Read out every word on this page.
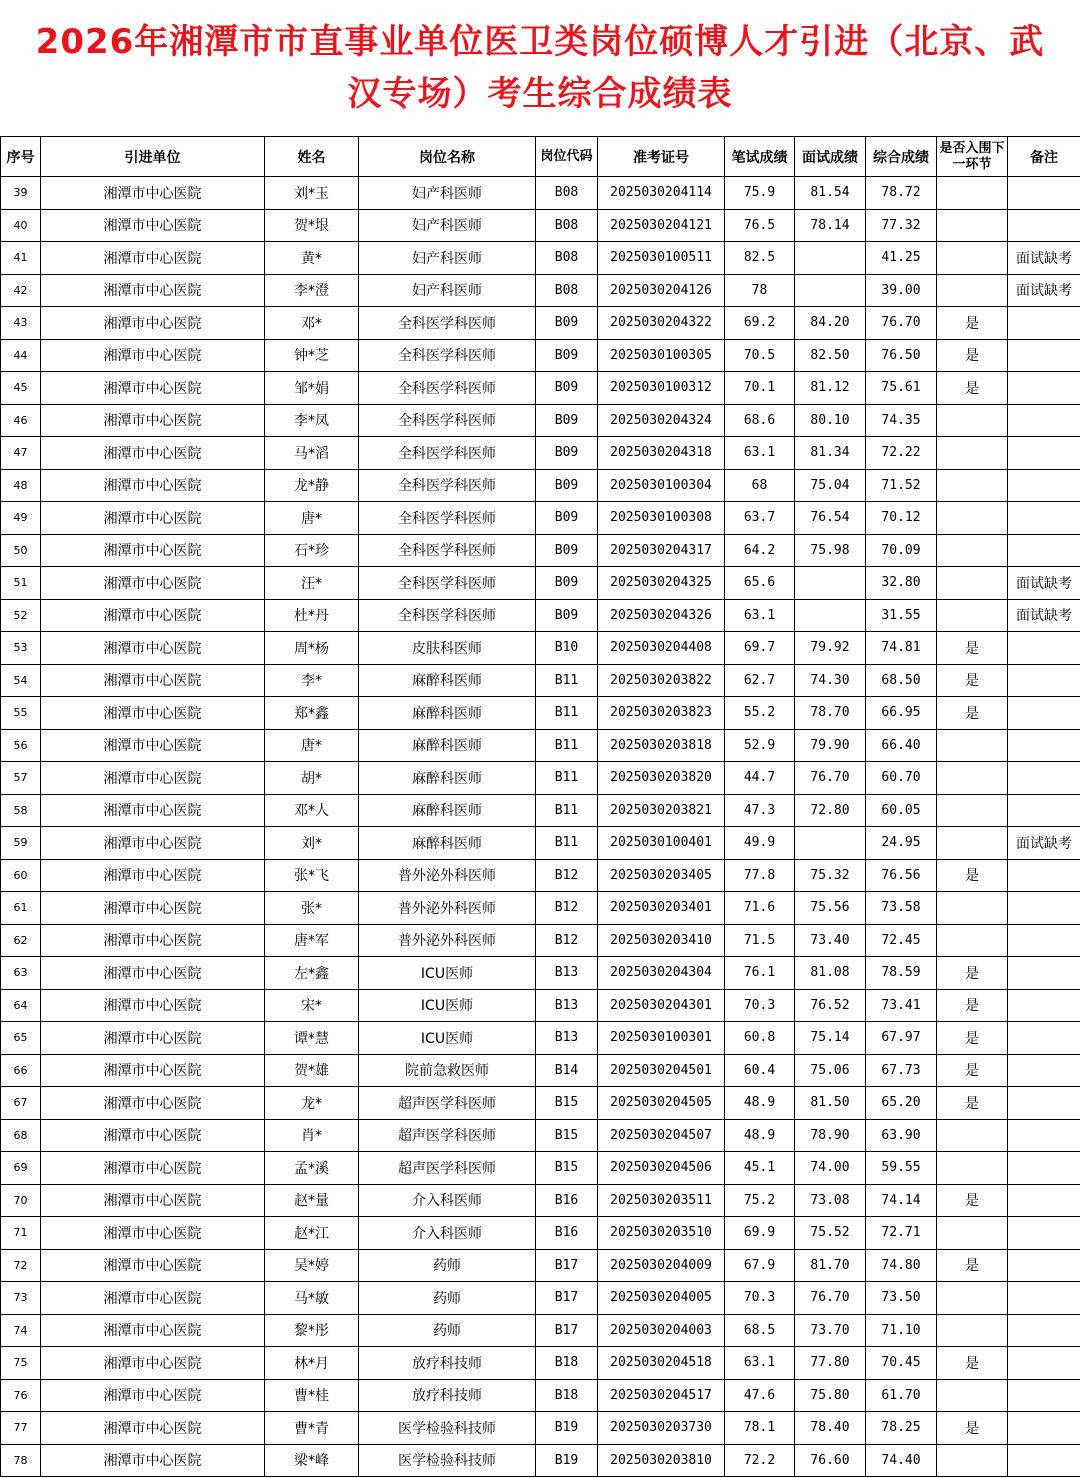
2026年湘潭市市直事业单位医卫类岗位硕博人才引进（北京、武汉专场）考生综合成绩表
序号	引进单位	姓名	岗位名称	岗位代码	准考证号	笔试成绩	面试成绩	综合成绩	是否入围下一环节	备注
39	湘潭市中心医院	刘*玉	妇产科医师	B08	2025030204114	75.9	81.54	78.72		
40	湘潭市中心医院	贺*垠	妇产科医师	B08	2025030204121	76.5	78.14	77.32		
41	湘潭市中心医院	黄*	妇产科医师	B08	2025030100511	82.5		41.25		面试缺考
42	湘潭市中心医院	李*澄	妇产科医师	B08	2025030204126	78		39.00		面试缺考
43	湘潭市中心医院	邓*	全科医学科医师	B09	2025030204322	69.2	84.20	76.70	是	
44	湘潭市中心医院	钟*芝	全科医学科医师	B09	2025030100305	70.5	82.50	76.50	是	
45	湘潭市中心医院	邹*娟	全科医学科医师	B09	2025030100312	70.1	81.12	75.61	是	
46	湘潭市中心医院	李*凤	全科医学科医师	B09	2025030204324	68.6	80.10	74.35		
47	湘潭市中心医院	马*滔	全科医学科医师	B09	2025030204318	63.1	81.34	72.22		
48	湘潭市中心医院	龙*静	全科医学科医师	B09	2025030100304	68	75.04	71.52		
49	湘潭市中心医院	唐*	全科医学科医师	B09	2025030100308	63.7	76.54	70.12		
50	湘潭市中心医院	石*珍	全科医学科医师	B09	2025030204317	64.2	75.98	70.09		
51	湘潭市中心医院	汪*	全科医学科医师	B09	2025030204325	65.6		32.80		面试缺考
52	湘潭市中心医院	杜*丹	全科医学科医师	B09	2025030204326	63.1		31.55		面试缺考
53	湘潭市中心医院	周*杨	皮肤科医师	B10	2025030204408	69.7	79.92	74.81	是	
54	湘潭市中心医院	李*	麻醉科医师	B11	2025030203822	62.7	74.30	68.50	是	
55	湘潭市中心医院	郑*鑫	麻醉科医师	B11	2025030203823	55.2	78.70	66.95	是	
56	湘潭市中心医院	唐*	麻醉科医师	B11	2025030203818	52.9	79.90	66.40		
57	湘潭市中心医院	胡*	麻醉科医师	B11	2025030203820	44.7	76.70	60.70		
58	湘潭市中心医院	邓*人	麻醉科医师	B11	2025030203821	47.3	72.80	60.05		
59	湘潭市中心医院	刘*	麻醉科医师	B11	2025030100401	49.9		24.95		面试缺考
60	湘潭市中心医院	张*飞	普外泌外科医师	B12	2025030203405	77.8	75.32	76.56	是	
61	湘潭市中心医院	张*	普外泌外科医师	B12	2025030203401	71.6	75.56	73.58		
62	湘潭市中心医院	唐*军	普外泌外科医师	B12	2025030203410	71.5	73.40	72.45		
63	湘潭市中心医院	左*鑫	ICU医师	B13	2025030204304	76.1	81.08	78.59	是	
64	湘潭市中心医院	宋*	ICU医师	B13	2025030204301	70.3	76.52	73.41	是	
65	湘潭市中心医院	谭*慧	ICU医师	B13	2025030100301	60.8	75.14	67.97	是	
66	湘潭市中心医院	贺*雄	院前急救医师	B14	2025030204501	60.4	75.06	67.73	是	
67	湘潭市中心医院	龙*	超声医学科医师	B15	2025030204505	48.9	81.50	65.20	是	
68	湘潭市中心医院	肖*	超声医学科医师	B15	2025030204507	48.9	78.90	63.90		
69	湘潭市中心医院	孟*溪	超声医学科医师	B15	2025030204506	45.1	74.00	59.55		
70	湘潭市中心医院	赵*量	介入科医师	B16	2025030203511	75.2	73.08	74.14	是	
71	湘潭市中心医院	赵*江	介入科医师	B16	2025030203510	69.9	75.52	72.71		
72	湘潭市中心医院	吴*婷	药师	B17	2025030204009	67.9	81.70	74.80	是	
73	湘潭市中心医院	马*敏	药师	B17	2025030204005	70.3	76.70	73.50		
74	湘潭市中心医院	黎*彤	药师	B17	2025030204003	68.5	73.70	71.10		
75	湘潭市中心医院	林*月	放疗科技师	B18	2025030204518	63.1	77.80	70.45	是	
76	湘潭市中心医院	曹*桂	放疗科技师	B18	2025030204517	47.6	75.80	61.70		
77	湘潭市中心医院	曹*青	医学检验科技师	B19	2025030203730	78.1	78.40	78.25	是	
78	湘潭市中心医院	梁*峰	医学检验科技师	B19	2025030203810	72.2	76.60	74.40		
